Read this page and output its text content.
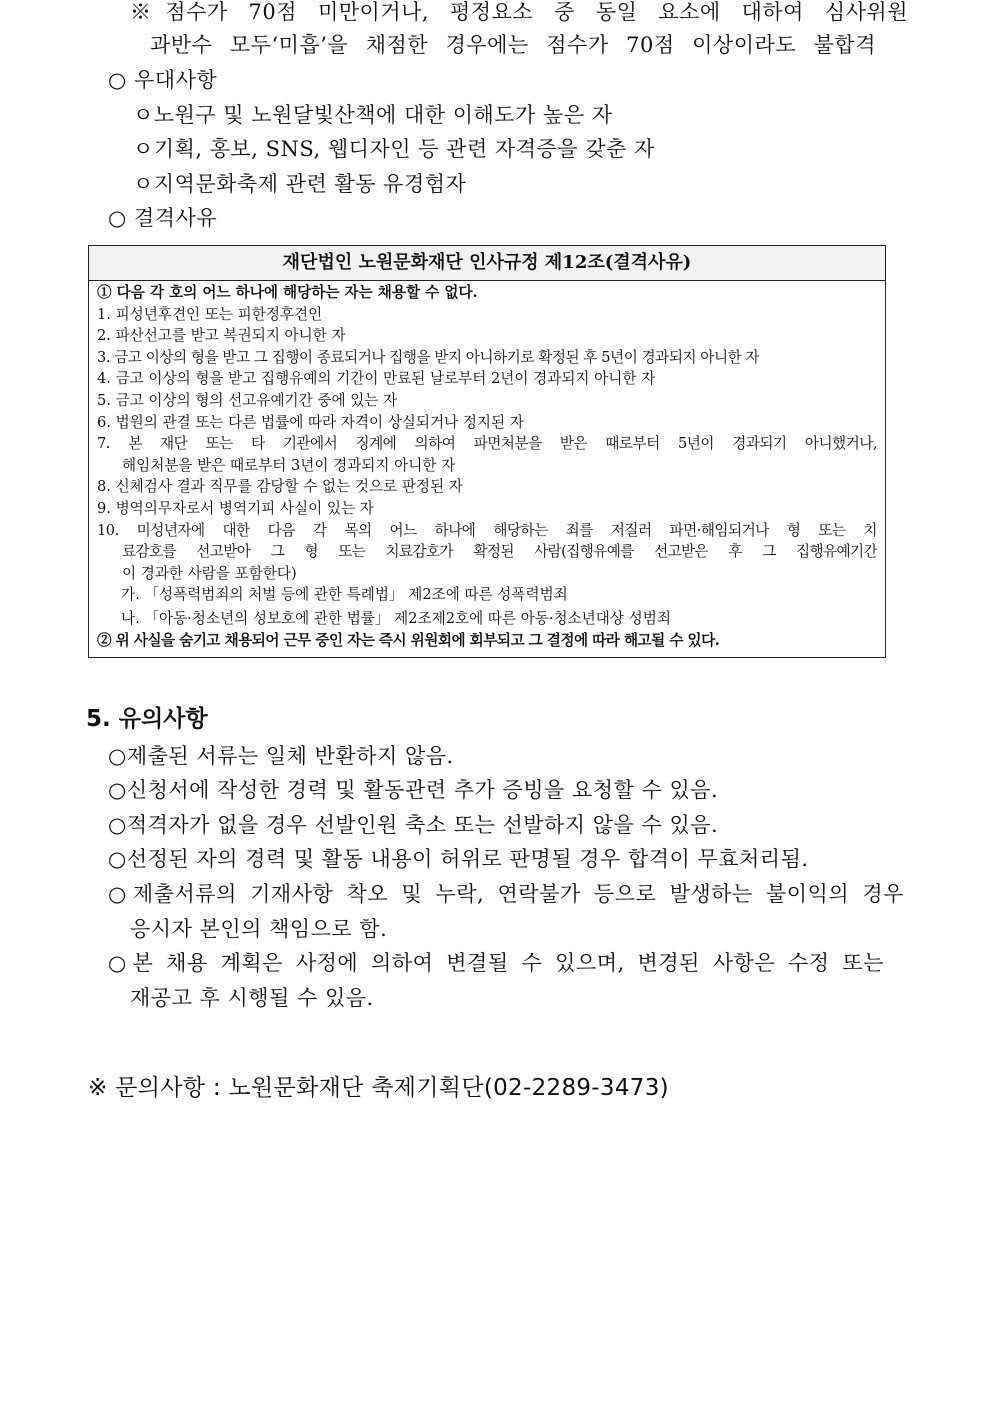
※점수가 70점 미만이거나, 평정요소 중 동일 요소에 대하여 심사위원
과반수 모두‘미흡’을 채점한 경우에는 점수가 70점 이상이라도 불합격
○ 우대사항
ㅇ노원구 및 노원달빛산책에 대한 이해도가 높은 자
ㅇ기획, 홍보, SNS, 웹디자인 등 관련 자격증을 갖춘 자
ㅇ지역문화축제 관련 활동 유경험자
○ 결격사유
재단법인 노원문화재단 인사규정 제12조(결격사유)
① 다음 각 호의 어느 하나에 해당하는 자는 채용할 수 없다.
1. 피성년후견인 또는 피한정후견인
2. 파산선고를 받고 복권되지 아니한 자
3. 금고 이상의 형을 받고 그 집행이 종료되거나 집행을 받지 아니하기로 확정된 후 5년이 경과되지 아니한 자
4. 금고 이상의 형을 받고 집행유예의 기간이 만료된 날로부터 2년이 경과되지 아니한 자
5. 금고 이상의 형의 선고유예기간 중에 있는 자
6. 법원의 관결 또는 다른 법률에 따라 자격이 상실되거나 정지된 자
7. 본 재단 또는 타 기관에서 징계에 의하여 파면처분을 받은 때로부터 5년이 경과되기 아니했거나,
해임처분을 받은 때로부터 3년이 경과되지 아니한 자
8. 신체검사 결과 직무를 감당할 수 없는 것으로 판정된 자
9. 병역의무자로서 병역기피 사실이 있는 자
10. 미성년자에 대한 다음 각 목의 어느 하나에 해당하는 죄를 저질러 파면·해임되거나 형 또는 치
료감호를 선고받아 그 형 또는 치료감호가 확정된 사람(집행유예를 선고받은 후 그 집행유예기간
이 경과한 사람을 포함한다)
가. 「성폭력범죄의 처벌 등에 관한 특례법」 제2조에 따른 성폭력범죄
나. 「아동·청소년의 성보호에 관한 법률」 제2조제2호에 따른 아동·청소년대상 성범죄
② 위 사실을 숨기고 채용되어 근무 중인 자는 즉시 위원회에 회부되고 그 결정에 따라 해고될 수 있다.
5. 유의사항
○제출된 서류는 일체 반환하지 않음.
○신청서에 작성한 경력 및 활동관련 추가 증빙을 요청할 수 있음.
○적격자가 없을 경우 선발인원 축소 또는 선발하지 않을 수 있음.
○선정된 자의 경력 및 활동 내용이 허위로 판명될 경우 합격이 무효처리됨.
○제출서류의 기재사항 착오 및 누락, 연락불가 등으로 발생하는 불이익의 경우
응시자 본인의 책임으로 함.
○본 채용 계획은 사정에 의하여 변결될 수 있으며, 변경된 사항은 수정 또는
재공고 후 시행될 수 있음.
※ 문의사항 : 노원문화재단 축제기획단(02-2289-3473)
